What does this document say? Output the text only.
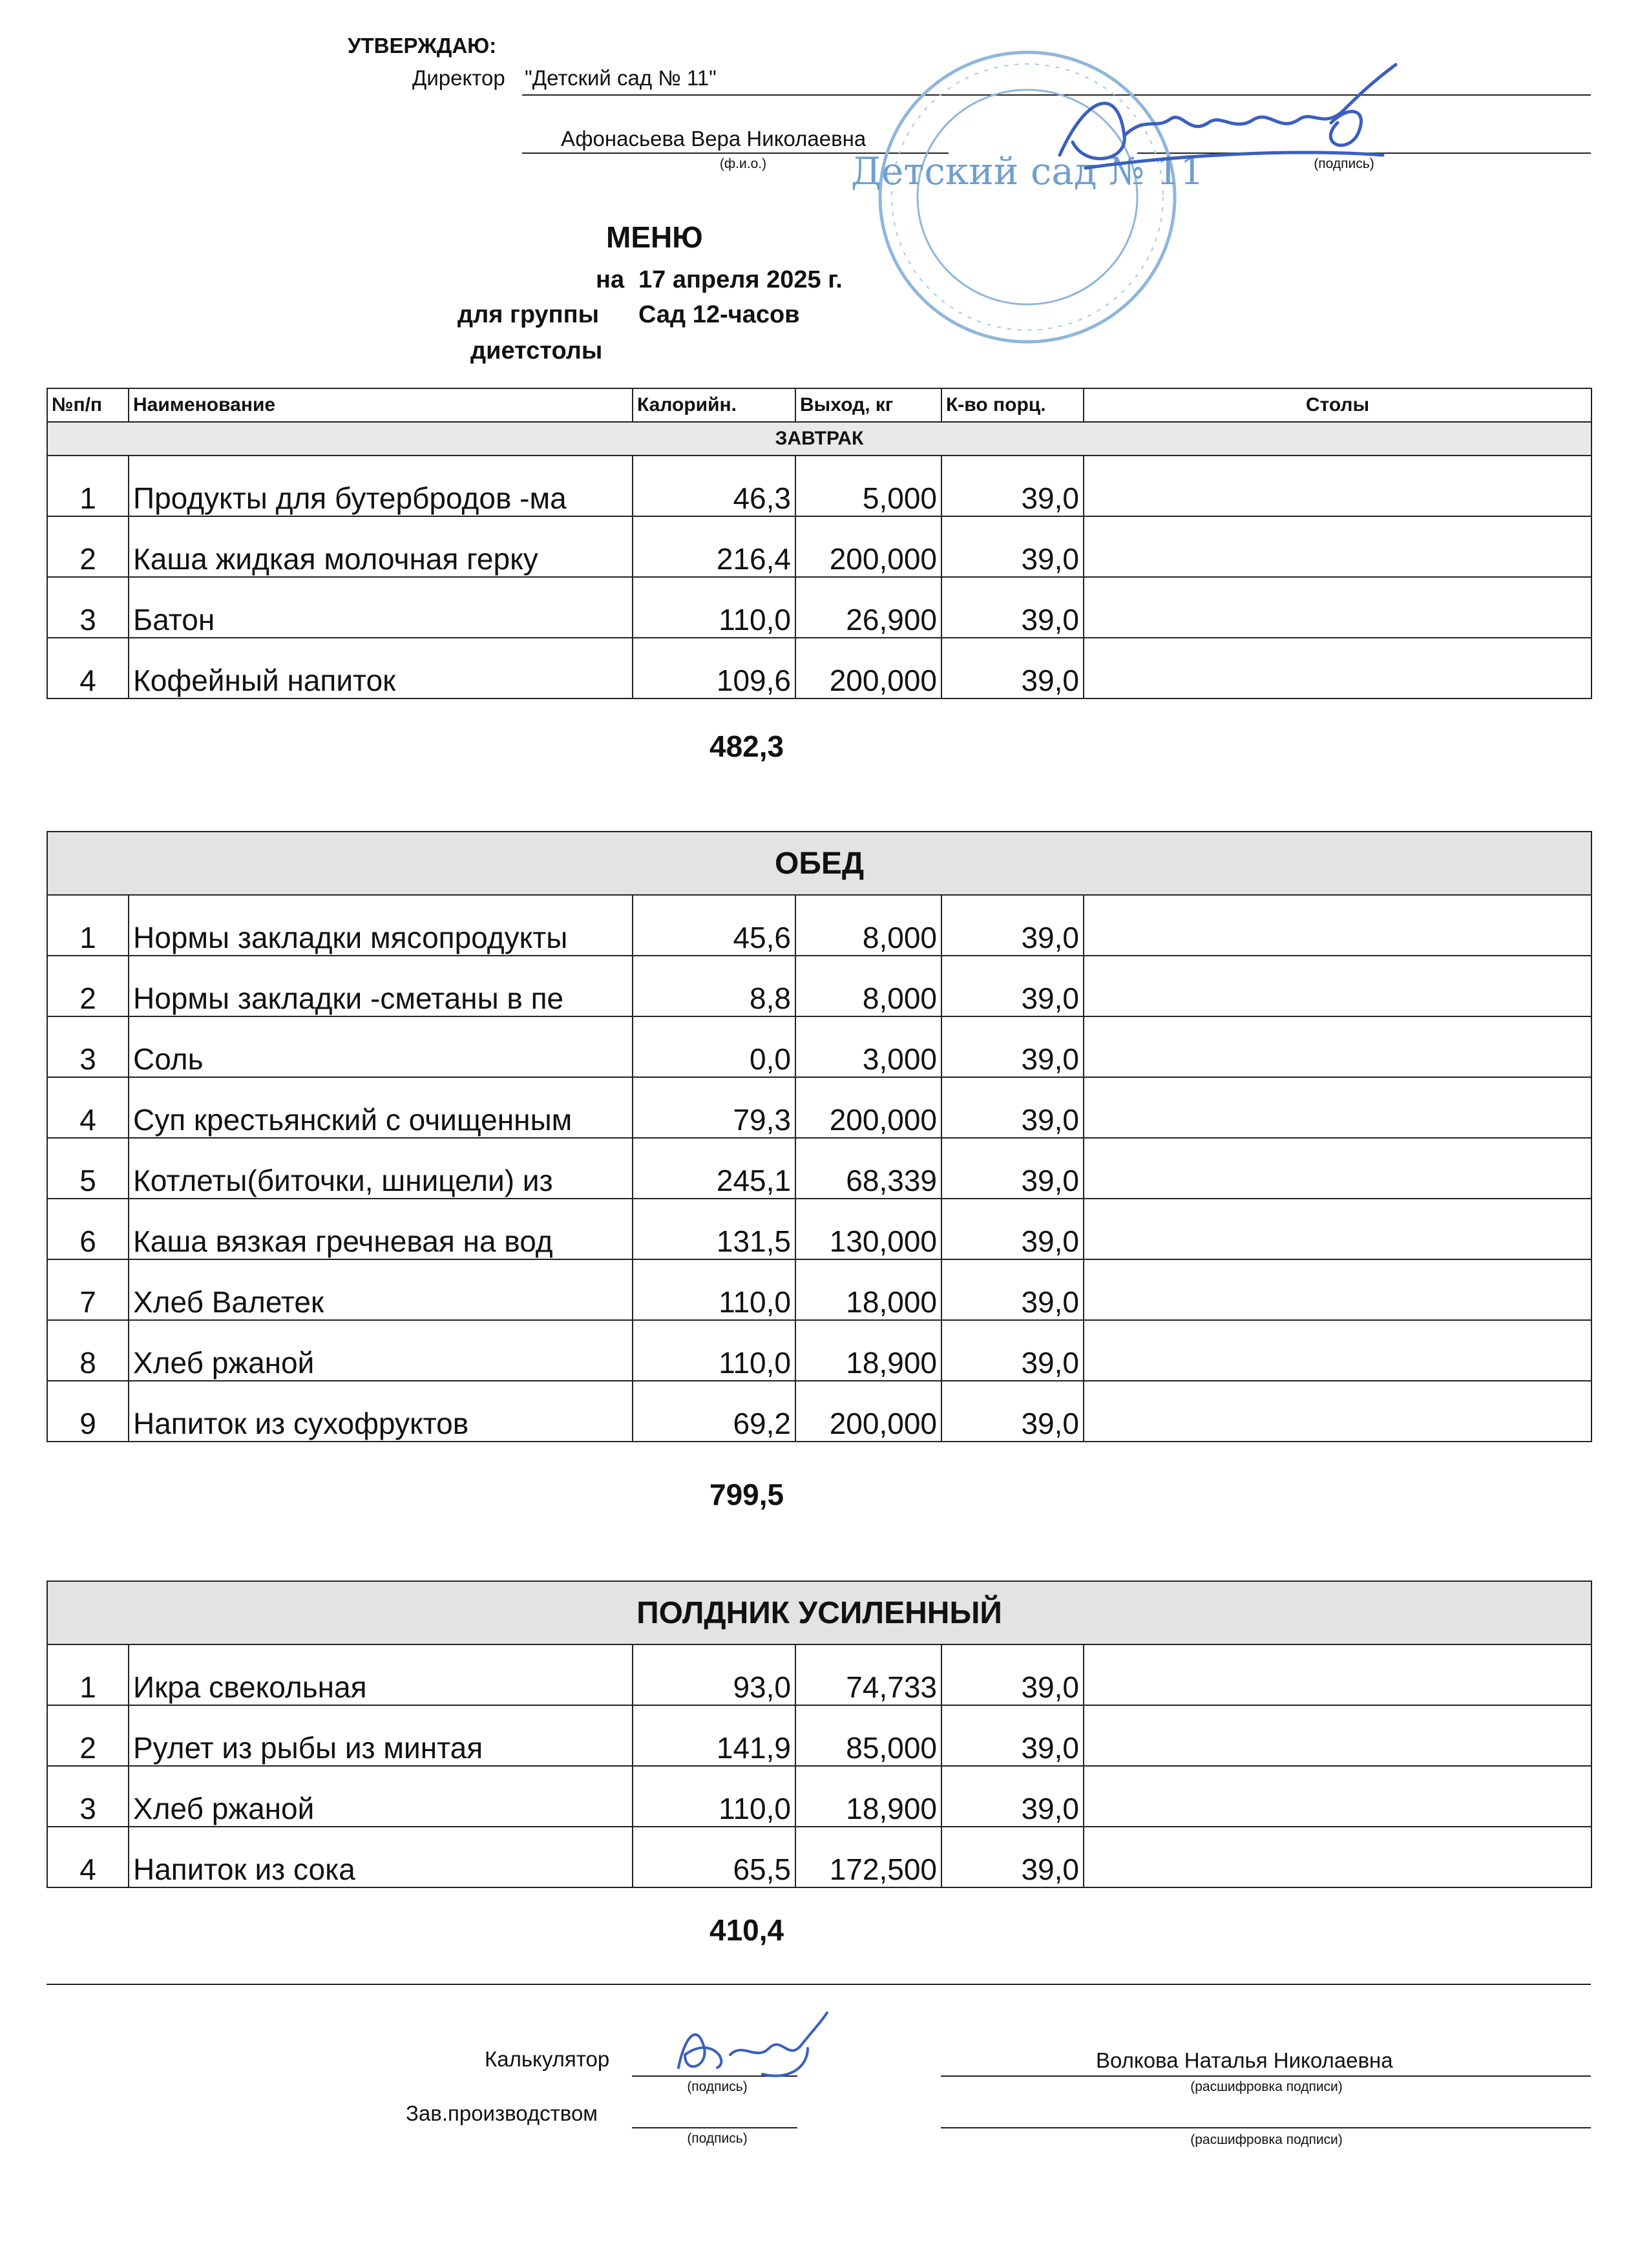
УТВЕРЖДАЮ:
Директор "Детский сад № 11"
Афонасьева Вера Николаевна
(ф.и.о.)	(подпись)
Детский сад № 11
МЕНЮ
на 17 апреля 2025 г.
для группы Сад 12-часов
диетстолы
№п/п	Наименование	Калорийн.	Выход, кг	К-во порц.	Столы
ЗАВТРАК					
1	Продукты для бутербродов -ма	46,3	5,000	39,0	
2	Каша жидкая молочная герку	216,4	200,000	39,0	
3	Батон	110,0	26,900	39,0	
4	Кофейный напиток	109,6	200,000	39,0	
482,3
ОБЕД					
1	Нормы закладки мясопродукты	45,6	8,000	39,0	
2	Нормы закладки -сметаны в пе	8,8	8,000	39,0	
3	Соль	0,0	3,000	39,0	
4	Суп крестьянский с очищенным	79,3	200,000	39,0	
5	Котлеты(биточки, шницели) из	245,1	68,339	39,0	
6	Каша вязкая гречневая на вод	131,5	130,000	39,0	
7	Хлеб Валетек	110,0	18,000	39,0	
8	Хлеб ржаной	110,0	18,900	39,0	
9	Напиток из сухофруктов	69,2	200,000	39,0	
799,5
ПОЛДНИК УСИЛЕННЫЙ					
1	Икра свекольная	93,0	74,733	39,0	
2	Рулет из рыбы из минтая	141,9	85,000	39,0	
3	Хлеб ржаной	110,0	18,900	39,0	
4	Напиток из сока	65,5	172,500	39,0	
410,4
Калькулятор
(подпись)
Волкова Наталья Николаевна
(расшифровка подписи)
Зав.производством
(подпись)	(расшифровка подписи)
